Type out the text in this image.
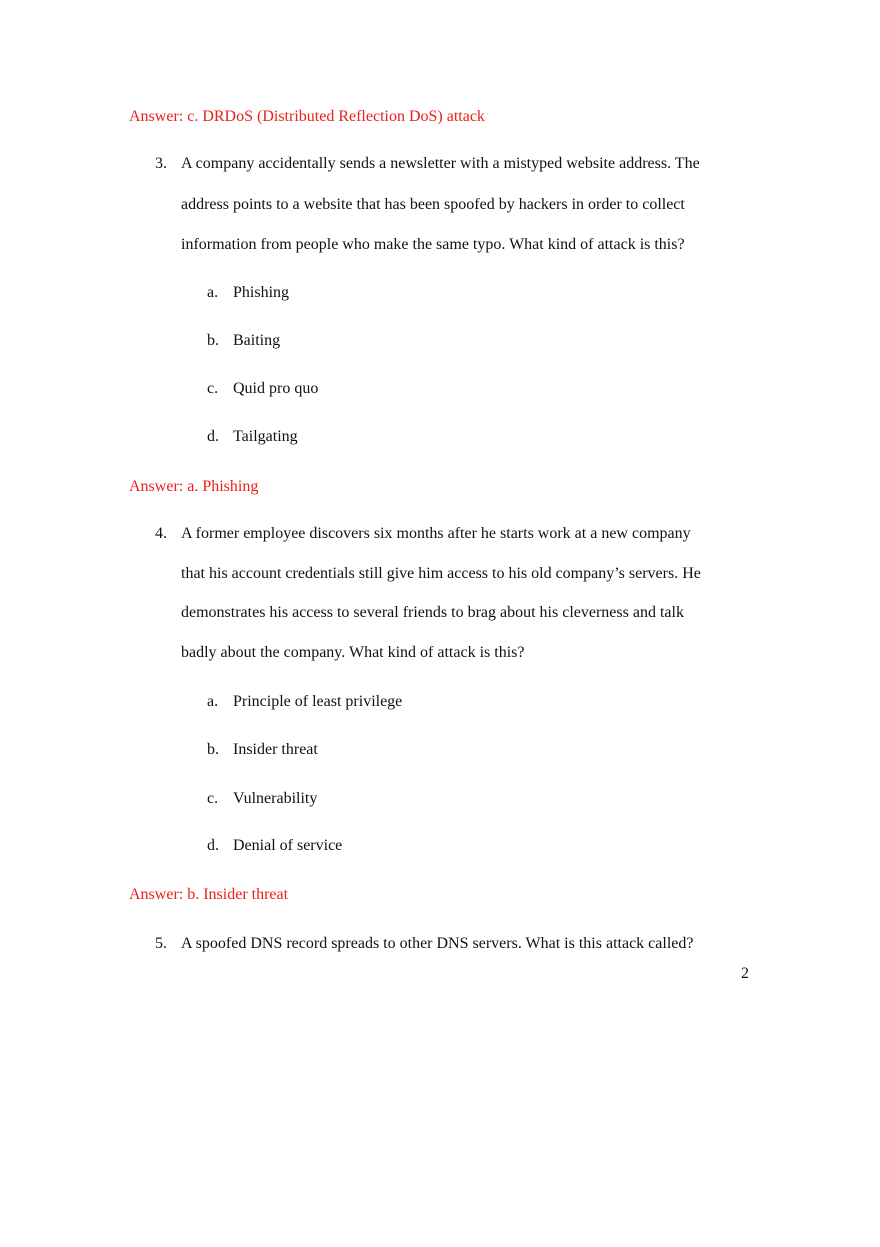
Answer: c. DRDoS (Distributed Reflection DoS) attack
3. A company accidentally sends a newsletter with a mistyped website address. The
address points to a website that has been spoofed by hackers in order to collect
information from people who make the same typo. What kind of attack is this?
a. Phishing
b. Baiting
c. Quid pro quo
d. Tailgating
Answer: a. Phishing
4. A former employee discovers six months after he starts work at a new company
that his account credentials still give him access to his old company’s servers. He
demonstrates his access to several friends to brag about his cleverness and talk
badly about the company. What kind of attack is this?
a. Principle of least privilege
b. Insider threat
c. Vulnerability
d. Denial of service
Answer: b. Insider threat
5. A spoofed DNS record spreads to other DNS servers. What is this attack called?
2
